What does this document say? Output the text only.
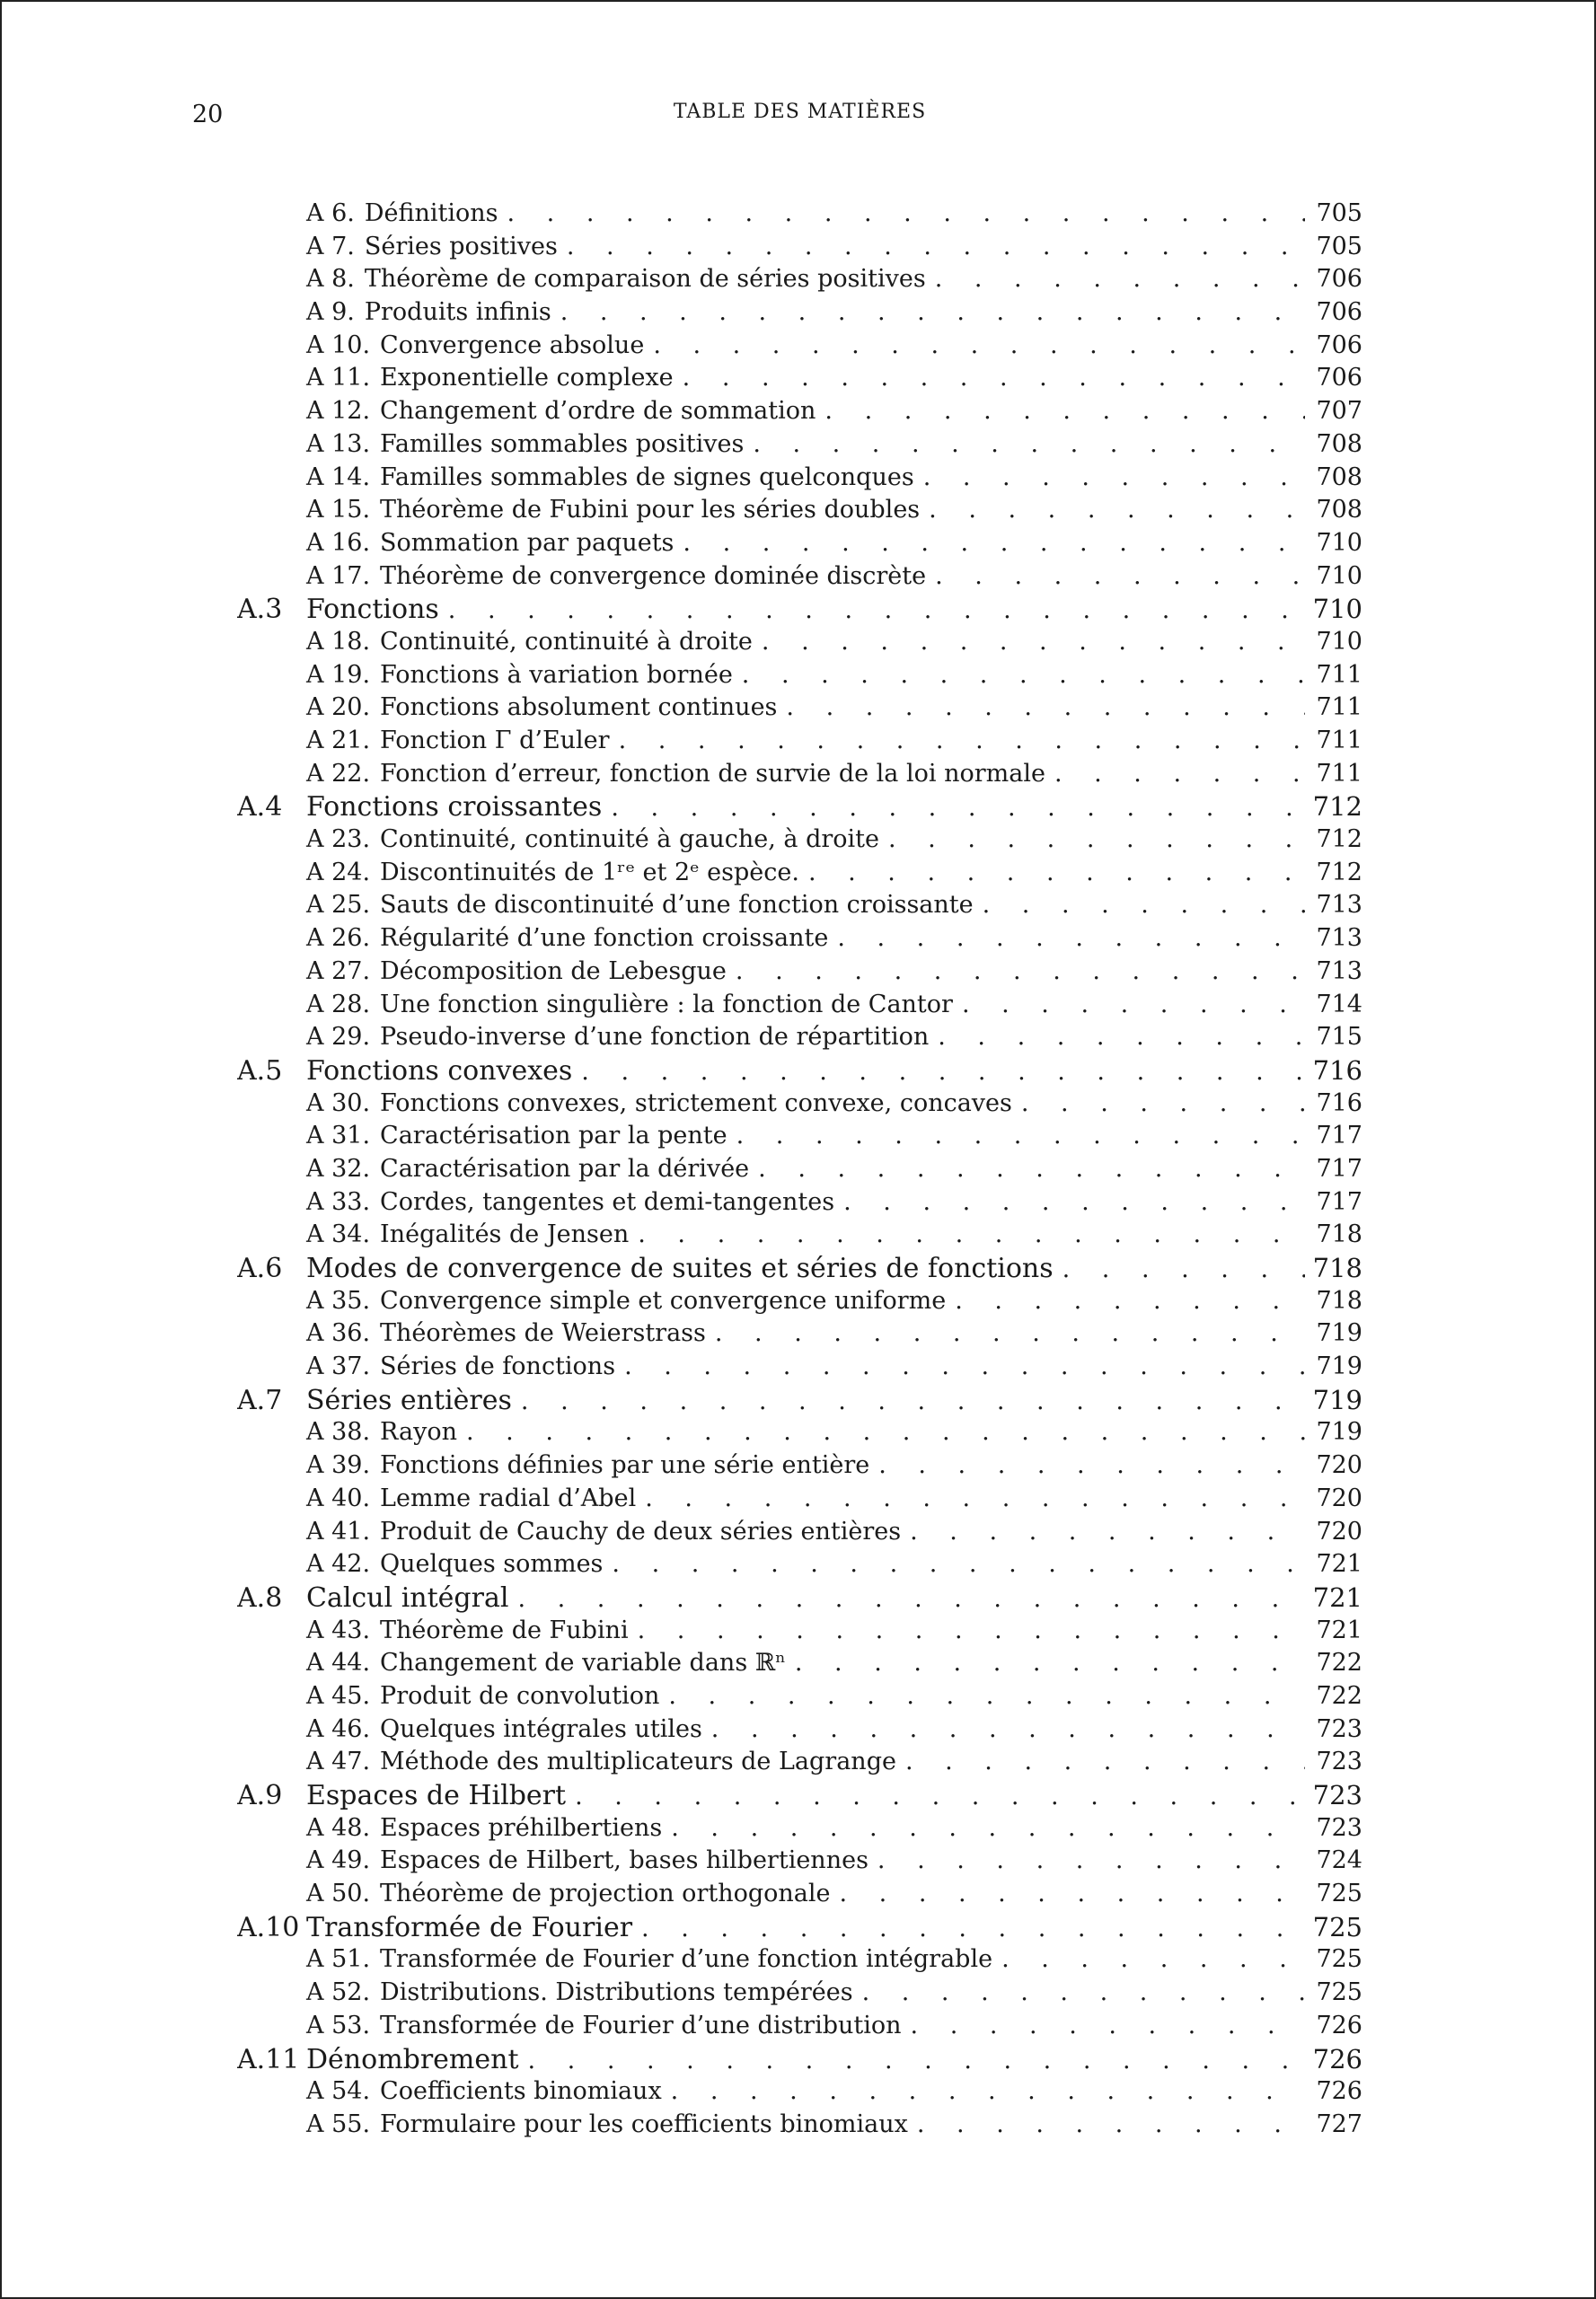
20	TABLE DES MATIÈRES
A 6. Définitions . . .	705
A 7. Séries positives . . .	705
A 8. Théorème de comparaison de séries positives . . .	706
A 9. Produits infinis . . .	706
A 10. Convergence absolue . . .	706
A 11. Exponentielle complexe . . .	706
A 12. Changement d’ordre de sommation . . .	707
A 13. Familles sommables positives . . .	708
A 14. Familles sommables de signes quelconques . . .	708
A 15. Théorème de Fubini pour les séries doubles . . .	708
A 16. Sommation par paquets . . .	710
A 17. Théorème de convergence dominée discrète . . .	710
A.3 Fonctions . . .	710
A 18. Continuité, continuité à droite . . .	710
A 19. Fonctions à variation bornée . . .	711
A 20. Fonctions absolument continues . . .	711
A 21. Fonction Γ d’Euler . . .	711
A 22. Fonction d’erreur, fonction de survie de la loi normale . . .	711
A.4 Fonctions croissantes . . .	712
A 23. Continuité, continuité à gauche, à droite . . .	712
A 24. Discontinuités de 1ʳᵉ et 2ᵉ espèce. . . .	712
A 25. Sauts de discontinuité d’une fonction croissante . . .	713
A 26. Régularité d’une fonction croissante . . .	713
A 27. Décomposition de Lebesgue . . .	713
A 28. Une fonction singulière : la fonction de Cantor . . .	714
A 29. Pseudo-inverse d’une fonction de répartition . . .	715
A.5 Fonctions convexes . . .	716
A 30. Fonctions convexes, strictement convexe, concaves . . .	716
A 31. Caractérisation par la pente . . .	717
A 32. Caractérisation par la dérivée . . .	717
A 33. Cordes, tangentes et demi-tangentes . . .	717
A 34. Inégalités de Jensen . . .	718
A.6 Modes de convergence de suites et séries de fonctions . . .	718
A 35. Convergence simple et convergence uniforme . . .	718
A 36. Théorèmes de Weierstrass . . .	719
A 37. Séries de fonctions . . .	719
A.7 Séries entières . . .	719
A 38. Rayon . . .	719
A 39. Fonctions définies par une série entière . . .	720
A 40. Lemme radial d’Abel . . .	720
A 41. Produit de Cauchy de deux séries entières . . .	720
A 42. Quelques sommes . . .	721
A.8 Calcul intégral . . .	721
A 43. Théorème de Fubini . . .	721
A 44. Changement de variable dans ℝⁿ . . .	722
A 45. Produit de convolution . . .	722
A 46. Quelques intégrales utiles . . .	723
A 47. Méthode des multiplicateurs de Lagrange . . .	723
A.9 Espaces de Hilbert . . .	723
A 48. Espaces préhilbertiens . . .	723
A 49. Espaces de Hilbert, bases hilbertiennes . . .	724
A 50. Théorème de projection orthogonale . . .	725
A.10 Transformée de Fourier . . .	725
A 51. Transformée de Fourier d’une fonction intégrable . . .	725
A 52. Distributions. Distributions tempérées . . .	725
A 53. Transformée de Fourier d’une distribution . . .	726
A.11 Dénombrement . . .	726
A 54. Coefficients binomiaux . . .	726
A 55. Formulaire pour les coefficients binomiaux . . .	727
